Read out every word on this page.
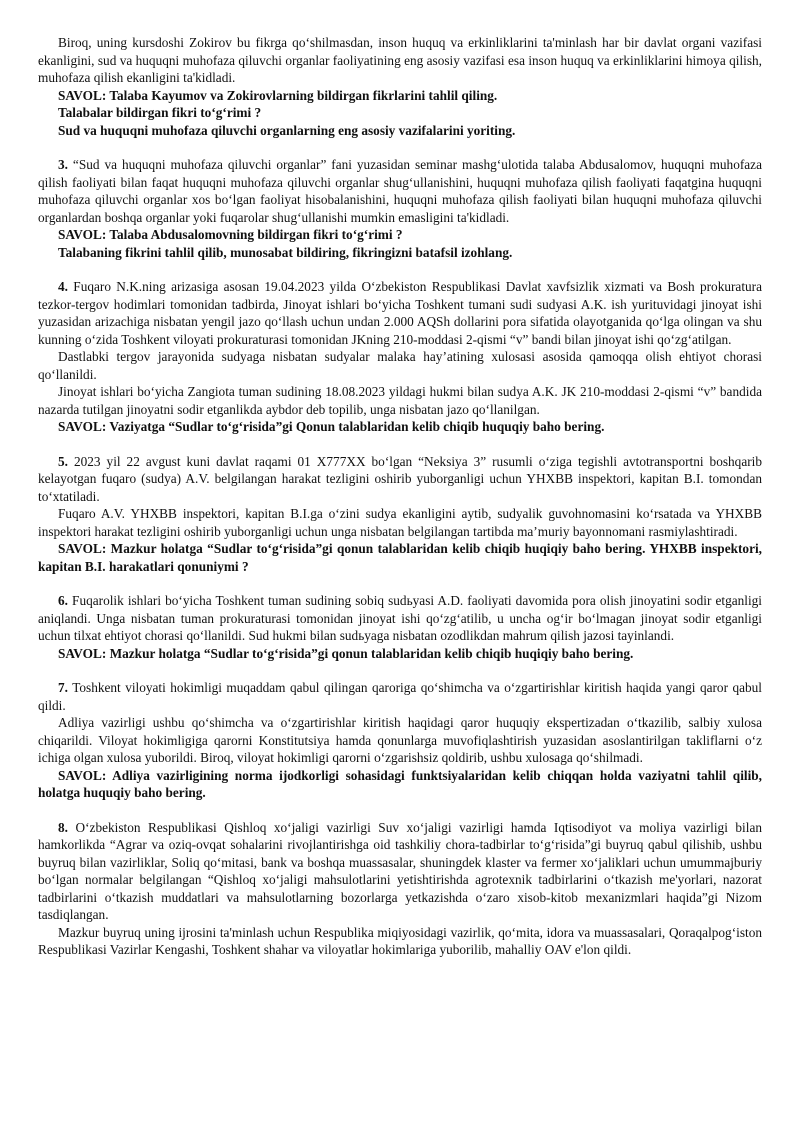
Biroq, uning kursdoshi Zokirov bu fikrga qoʻshilmasdan, inson huquq va erkinliklarini ta'minlash har bir davlat organi vazifasi ekanligini, sud va huquqni muhofaza qiluvchi organlar faoliyatining eng asosiy vazifasi esa inson huquq va erkinliklarini himoya qilish, muhofaza qilish ekanligini ta'kidladi.

SAVOL: Talaba Kayumov va Zokirovlarning bildirgan fikrlarini tahlil qiling.

Talabalar bildirgan fikri toʻgʻrimi ?

Sud va huquqni muhofaza qiluvchi organlarning eng asosiy vazifalarini yoriting.

3. “Sud va huquqni muhofaza qiluvchi organlar” fani yuzasidan seminar mashgʻulotida talaba Abdusalomov, huquqni muhofaza qilish faoliyati bilan faqat huquqni muhofaza qiluvchi organlar shugʻullanishini, huquqni muhofaza qilish faoliyati faqatgina huquqni muhofaza qiluvchi organlar xos boʻlgan faoliyat hisobalanishini, huquqni muhofaza qilish faoliyati bilan huquqni muhofaza qiluvchi organlardan boshqa organlar yoki fuqarolar shugʻullanishi mumkin emasligini ta'kidladi.

SAVOL: Talaba Abdusalomovning bildirgan fikri toʻgʻrimi ?

Talabaning fikrini tahlil qilib, munosabat bildiring, fikringizni batafsil izohlang.

4. Fuqaro N.K.ning arizasiga asosan 19.04.2023 yilda Oʻzbekiston Respublikasi Davlat xavfsizlik xizmati va Bosh prokuratura tezkor-tergov hodimlari tomonidan tadbirda, Jinoyat ishlari boʻyicha Toshkent tumani sudi sudyasi A.K. ish yurituvidagi jinoyat ishi yuzasidan arizachiga nisbatan yengil jazo qoʻllash uchun undan 2.000 AQSh dollarini pora sifatida olayotganida qoʻlga olingan va shu kunning oʻzida Toshkent viloyati prokuraturasi tomonidan JKning 210-moddasi 2-qismi “v” bandi bilan jinoyat ishi qoʻzgʻatilgan.

Dastlabki tergov jarayonida sudyaga nisbatan sudyalar malaka hayʼatining xulosasi asosida qamoqqa olish ehtiyot chorasi qoʻllanildi.

Jinoyat ishlari boʻyicha Zangiota tuman sudining 18.08.2023 yildagi hukmi bilan sudya A.K. JK 210-moddasi 2-qismi “v” bandida nazarda tutilgan jinoyatni sodir etganlikda aybdor deb topilib, unga nisbatan jazo qoʻllanilgan.

SAVOL: Vaziyatga “Sudlar toʻgʻrisida”gi Qonun talablaridan kelib chiqib huquqiy baho bering.

5. 2023 yil 22 avgust kuni davlat raqami 01 X777XX boʻlgan “Neksiya 3” rusumli oʻziga tegishli avtotransportni boshqarib kelayotgan fuqaro (sudya) A.V. belgilangan harakat tezligini oshirib yuborganligi uchun YHXBB inspektori, kapitan B.I. tomondan toʻxtatiladi.

Fuqaro A.V. YHXBB inspektori, kapitan B.I.ga oʻzini sudya ekanligini aytib, sudyalik guvohnomasini koʻrsatada va YHXBB inspektori harakat tezligini oshirib yuborganligi uchun unga nisbatan belgilangan tartibda maʼmuriy bayonnomani rasmiylashtiradi.

SAVOL: Mazkur holatga “Sudlar toʻgʻrisida”gi qonun talablaridan kelib chiqib huqiqiy baho bering. YHXBB inspektori, kapitan B.I. harakatlari qonuniymi ?

6. Fuqarolik ishlari boʻyicha Toshkent tuman sudining sobiq sudьyasi A.D. faoliyati davomida pora olish jinoyatini sodir etganligi aniqlandi. Unga nisbatan tuman prokuraturasi tomonidan jinoyat ishi qoʻzgʻatilib, u uncha ogʻir boʻlmagan jinoyat sodir etganligi uchun tilxat ehtiyot chorasi qoʻllanildi. Sud hukmi bilan sudьyaga nisbatan ozodlikdan mahrum qilish jazosi tayinlandi.

SAVOL: Mazkur holatga “Sudlar toʻgʻrisida”gi qonun talablaridan kelib chiqib huqiqiy baho bering.

7. Toshkent viloyati hokimligi muqaddam qabul qilingan qaroriga qoʻshimcha va oʻzgartirishlar kiritish haqida yangi qaror qabul qildi.

Adliya vazirligi ushbu qoʻshimcha va oʻzgartirishlar kiritish haqidagi qaror huquqiy ekspertizadan oʻtkazilib, salbiy xulosa chiqarildi. Viloyat hokimligiga qarorni Konstitutsiya hamda qonunlarga muvofiqlashtirish yuzasidan asoslantirilgan takliflarni oʻz ichiga olgan xulosa yuborildi. Biroq, viloyat hokimligi qarorni oʻzgarishsiz qoldirib, ushbu xulosaga qoʻshilmadi.

SAVOL: Adliya vazirligining norma ijodkorligi sohasidagi funktsiyalaridan kelib chiqqan holda vaziyatni tahlil qilib, holatga huquqiy baho bering.

8. Oʻzbekiston Respublikasi Qishloq xoʻjaligi vazirligi Suv xoʻjaligi vazirligi hamda Iqtisodiyot va moliya vazirligi bilan hamkorlikda “Agrar va oziq-ovqat sohalarini rivojlantirishga oid tashkiliy chora-tadbirlar toʻgʻrisida”gi buyruq qabul qilishib, ushbu buyruq bilan vazirliklar, Soliq qoʻmitasi, bank va boshqa muassasalar, shuningdek klaster va fermer xoʻjaliklari uchun umummajburiy boʻlgan normalar belgilangan “Qishloq xoʻjaligi mahsulotlarini yetishtirishda agrotexnik tadbirlarini oʻtkazish me'yorlari, nazorat tadbirlarini oʻtkazish muddatlari va mahsulotlarning bozorlarga yetkazishda oʻzaro xisob-kitob mexanizmlari haqida”gi Nizom tasdiqlangan.

Mazkur buyruq uning ijrosini ta'minlash uchun Respublika miqiyosidagi vazirlik, qoʻmita, idora va muassasalari, Qoraqalpogʻiston Respublikasi Vazirlar Kengashi, Toshkent shahar va viloyatlar hokimlariga yuborilib, mahalliy OAV e'lon qildi.
